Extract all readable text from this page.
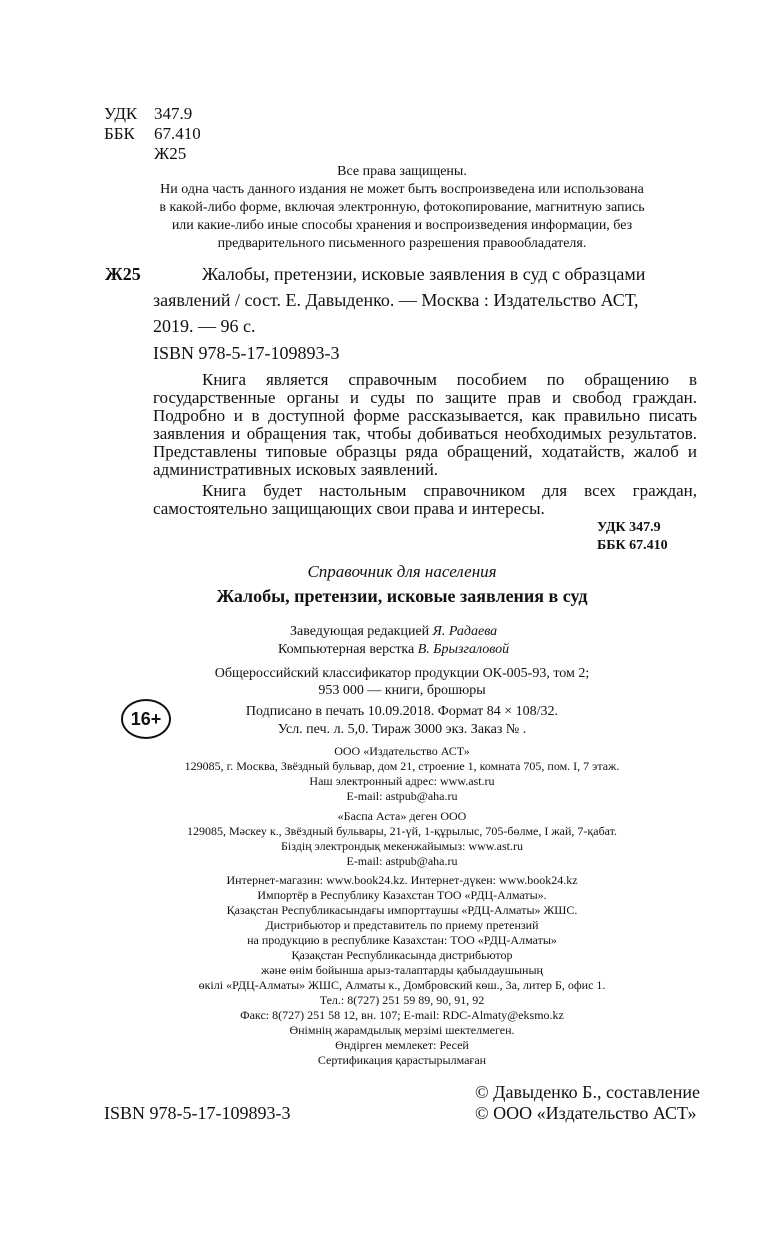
УДК 347.9
ББК 67.410
Ж25
Все права защищены.
Ни одна часть данного издания не может быть воспроизведена или использована
в какой-либо форме, включая электронную, фотокопирование, магнитную запись
или какие-либо иные способы хранения и воспроизведения информации, без
предварительного письменного разрешения правообладателя.
Ж25	Жалобы, претензии, исковые заявления в суд с образцами
заявлений / сост. Е. Давыденко. — Москва : Издательство АСТ,
2019. — 96 с.
ISBN 978-5-17-109893-3
Книга является справочным пособием по обращению в
государственные органы и суды по защите прав и свобод граждан.
Подробно и в доступной форме рассказывается, как правильно писать
заявления и обращения так, чтобы добиваться необходимых результатов.
Представлены типовые образцы ряда обращений, ходатайств, жалоб и
административных исковых заявлений.
Книга будет настольным справочником для всех граждан,
самостоятельно защищающих свои права и интересы.
УДК 347.9
ББК 67.410
Справочник для населения
Жалобы, претензии, исковые заявления в суд
Заведующая редакцией Я. Радаева
Компьютерная верстка В. Брызгаловой
Общероссийский классификатор продукции ОК-005-93, том 2;
953 000 — книги, брошюры
16+	Подписано в печать 10.09.2018. Формат 84 × 108/32.
Усл. печ. л. 5,0. Тираж 3000 экз. Заказ № .
ООО «Издательство АСТ»
129085, г. Москва, Звёздный бульвар, дом 21, строение 1, комната 705, пом. I, 7 этаж.
Наш электронный адрес: www.ast.ru
E-mail: astpub@aha.ru
«Баспа Аста» деген ООО
129085, Мәскеу к., Звёздный бульвары, 21-үй, 1-құрылыс, 705-бөлме, I жай, 7-қабат.
Біздің электрондық мекенжайымыз: www.ast.ru
E-mail: astpub@aha.ru
Интернет-магазин: www.book24.kz. Интернет-дүкен: www.book24.kz
Импортёр в Республику Казахстан ТОО «РДЦ-Алматы».
Қазақстан Республикасындағы импорттаушы «РДЦ-Алматы» ЖШС.
Дистрибьютор и представитель по приему претензий
на продукцию в республике Казахстан: ТОО «РДЦ-Алматы»
Қазақстан Республикасында дистрибьютор
және өнім бойынша арыз-талаптарды қабылдаушының
өкілі «РДЦ-Алматы» ЖШС, Алматы к., Домбровский көш., 3а, литер Б, офис 1.
Тел.: 8(727) 251 59 89, 90, 91, 92
Факс: 8(727) 251 58 12, вн. 107; E-mail: RDC-Almaty@eksmo.kz
Өнімнің жарамдылық мерзімі шектелмеген.
Өндірген мемлекет: Ресей
Сертификация қарастырылмаған
© Давыденко Б., составление
© ООО «Издательство АСТ»
ISBN 978-5-17-109893-3
